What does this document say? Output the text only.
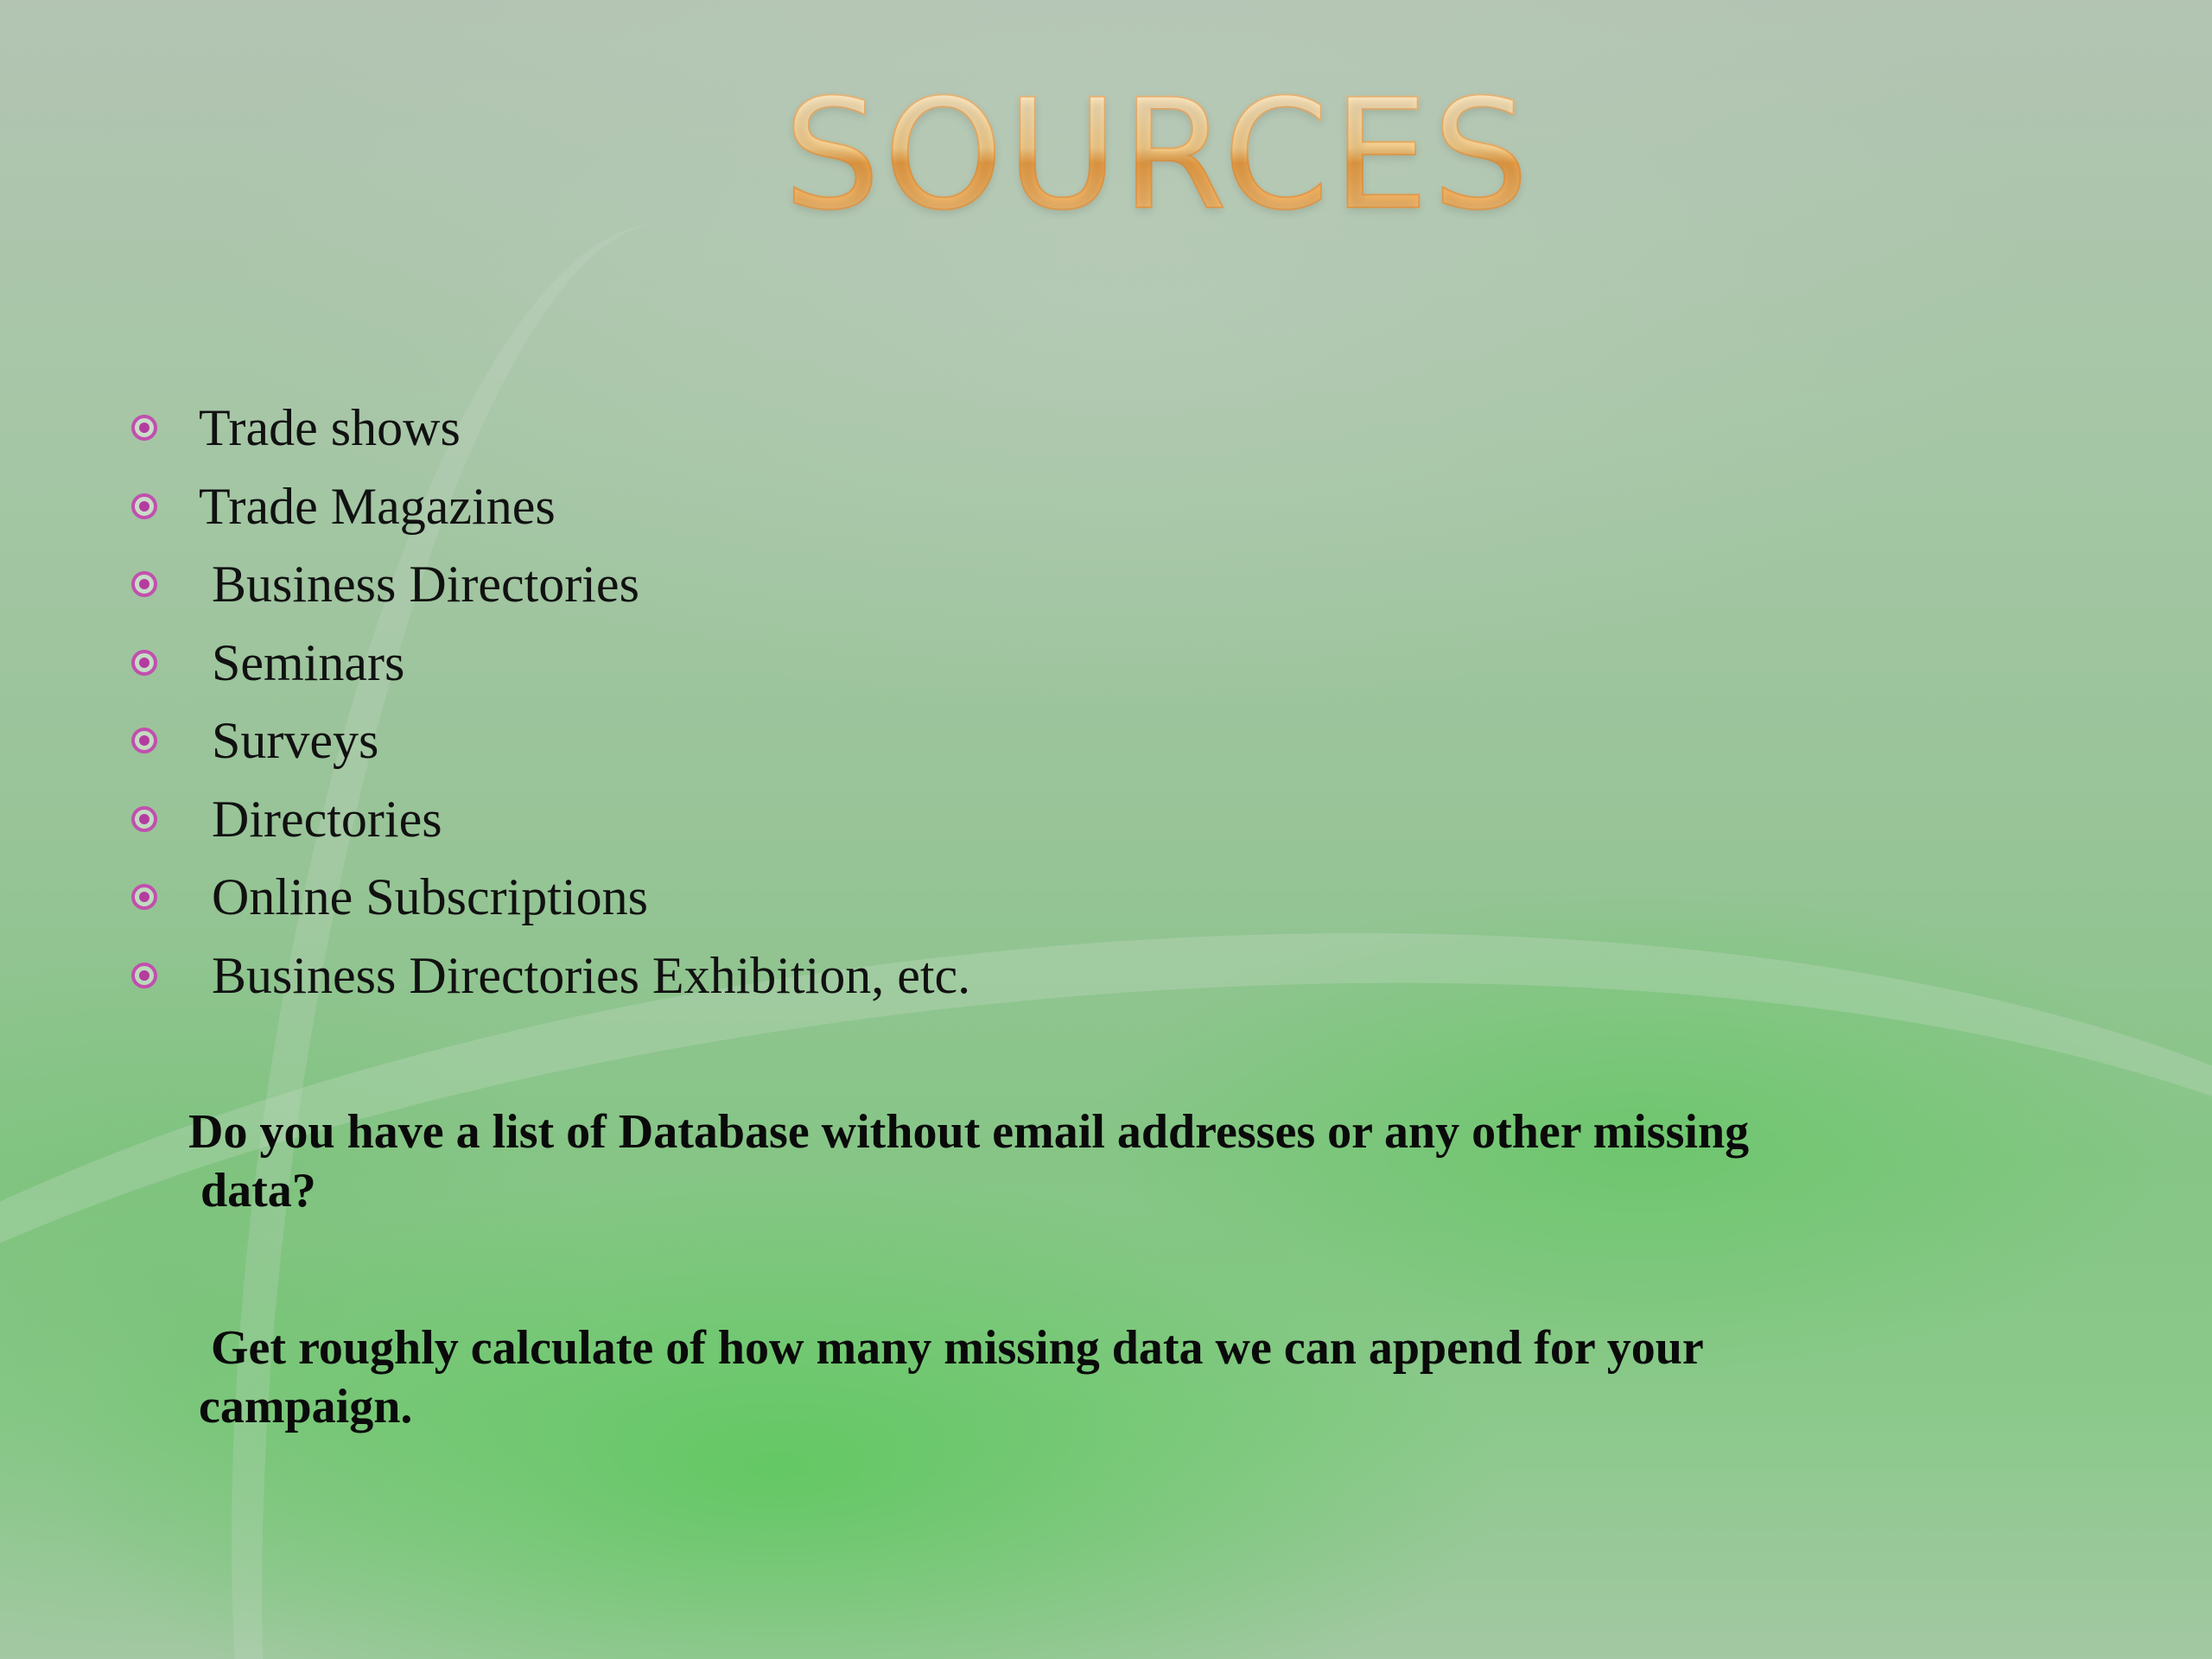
SOURCES

Trade shows

Trade Magazines

Business Directories

Seminars

Surveys

Directories

Online Subscriptions

Business Directories Exhibition, etc.

Do you have a list of Database without email addresses or any other missing
data?

Get roughly calculate of how many missing data we can append for your
campaign.
